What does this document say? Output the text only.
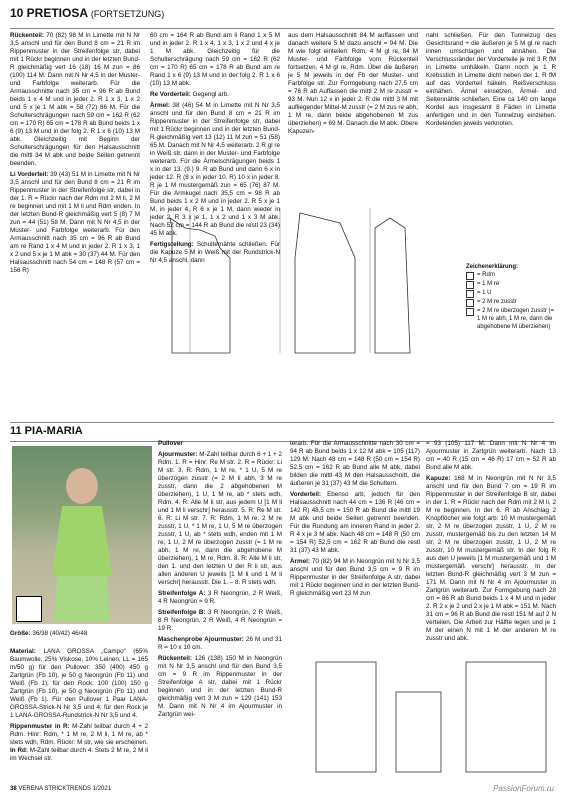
10 PRETIOSA (FORTSETZUNG)

Rückenteil: 70 (82) 98 M in Limette mit N Nr 3,5 anschl und für den Bund 8 cm = 21 R im Rippenmuster in der Streifenfolge str, dabei mit 1 Rückr beginnen und in der letzten Bund-R gleichmäßig vert 16 (18) 16 M zun = 86 (100) 114 M. Dann mit N Nr 4,5 in der Muster- und Farbfolge weiterarb. Für die Armausschnitte nach 35 cm = 96 R ab Bund beids 1 x 4 M und in jeder 2. R 1 x 3, 1 x 2 und 5 x je 1 M abk = 58 (72) 86 M. Für die Schulterschrägungen nach 59 cm = 162 R (62 cm = 170 R) 65 cm = 178 R ab Bund beids 1 x 6 (9) 13 M und in der folg 2. R 1 x 6 (10) 13 M abk. Gleichzeitig mit Beginn der Schulterschrägungen für den Halsausschnitt die mittl 34 M abk und beide Seiten getrennt beenden.

Li Vorderteil: 39 (43) 51 M in Limette mit N Nr 3,5 anschl und für den Bund 8 cm = 21 R im Rippenmuster in der Streifenfolge str, dabei in der 1. R = Rückr nach der Rdm mit 2 M li, 2 M re beginnen und mit 1 M li und Rdm enden. In der letzten Bund-R gleichmäßig vert 5 (8) 7 M zun = 44 (51) 58 M. Dann mit N Nr 4,5 in der Muster- und Farbfolge weiterarb. Für den Armausschnitt nach 35 cm = 96 R ab Bund am re Rand 1 x 4 M und in jeder 2. R 1 x 3, 1 x 2 und 5 x je 1 M abk = 30 (37) 44 M. Für den Halsausschnitt nach 54 cm = 148 R (57 cm = 156 R)

60 cm = 164 R ab Bund am li Rand 1 x 5 M und in jeder 2. R 1 x 4, 1 x 3, 1 x 2 und 4 x je 1 M abk. Gleichzeitig für die Schulterschrägung nach 59 cm = 162 R (62 cm = 170 R) 65 cm = 178 R ab Bund am re Rand 1 x 6 (9) 13 M und in der folg 2. R 1 x 6 (10) 13 M abk.

Re Vorderteil: Gegengl arb.

Ärmel: 38 (46) 54 M in Limette mit N Nr 3,5 anschl und für den Bund 8 cm = 21 R im Rippenmuster in der Streifenfolge str, dabei mit 1 Rückr beginnen und in der letzten Bund-R gleichmäßig vert 13 (12) 11 M zun = 51 (58) 65 M. Danach mit N Nr 4,5 weiterarb. 2 R gl re in Weiß str, dann in der Muster- und Farbfolge weiterarb. Für die Ärmelschrägungen beids 1 x in der 13. (9.) 9. R ab Bund und dann 6 x in jeder 12. R (8 x in jeder 10. R) 10 x in jeder 8. R je 1 M mustergemäß zun = 65 (76) 87 M. Für die Armkugel nach 35,5 cm = 98 R ab Bund beids 1 x 2 M und in jeder 2. R 5 x je 1 M, in jeder 4. R 6 x je 1 M, dann wieder in jeder 2. R 3 x je 1, 1 x 2 und 1 x 3 M abk. Nach 52 cm = 144 R ab Bund die restl 23 (34) 45 M abk.

Fertigstellung: Schulternähte schließen. Für die Kapuze 5 M in Weiß mit der Rundstrick-N Nr 4,5 anschl, dann

aus dem Halsausschnitt 84 M auffassen und danach weitere 5 M dazu anschl = 94 M. Die M wie folgt einteilen: Rdm, 4 M gl re, 84 M Muster- und Farbfolge vom Rückenteil fortsetzen, 4 M gl re, Rdm. Über die äußeren je 5 M jeweils in der Fb der Muster- und Farbfolge str. Zur Formgebung nach 27,5 cm = 76 R ab Auffassen die mittl 2 M re zusstr = 93 M. Nun 12 x in jeder 2. R die mittl 3 M mit aufliegender Mittel-M zusstr (= 2 M zus re abh, 1 M re, dann beide abgehobenen M zus überziehen) = 69 M. Danach die M abk. Obere Kapuzen-

naht schließen. Für den Tunnelzug des Gesichtsrand + die äußeren je 5 M gl re nach innen umschlagen und annähen. Die Verschlussränder der Vorderteile je mit 3 R fM in Limette umhäkeln. Dann noch je 1 R Krebsstich in Limette dicht neben der 1. R fM auf das Vorderteil häkeln. Reißverschluss einnähen. Ärmel einsetzen, Ärmel- und Seitennähte schließen. Eine ca 140 cm lange Kordel aus insgesamt 8 Fäden in Limette anfertigen und in den Tunnelzug einziehen. Kordelenden jeweils verknoten.

Zeichenerklärung:
= Rdm
= 1 M re
= 1 U
= 2 M re zusstr
= 2 M re überzogen zusstr (= 1 M re abh, 1 M re, dann die abgehobene M überziehen)
11 PIA-MARIA

Größe: 36/38 (40/42) 46/48

Material: LANA GROSSA „Campo“ (65% Baumwolle, 25% Viskose, 10% Leinen, LL = 165 m/50 g) für den Pullover: 350 (400) 450 g Zartgrün (Fb 10), je 50 g Neongrün (Fb 11) und Weiß (Fb 1); für den Rock: 100 (100) 150 g Zartgrün (Fb 10), je 50 g Neongrün (Fb 11) und Weiß (Fb 1). Für den Pullover 1 Paar LANA-GROSSA-Strick-N Nr 3,5 und 4; für den Rock je 1 LANA-GROSSA-Rundstrick-N Nr 3,5 und 4.

Rippenmuster in R: M-Zahl teilbar durch 4 + 2 Rdm. Hinr: Rdm, * 1 M re, 2 M li, 1 M re, ab * stets wdh, Rdm. Rückr: M str, wie sie erscheinen. In Rd: M-Zahl teilbar durch 4. Stets 2 M re, 2 M li im Wechsel str.

Pullover

Ajourmuster: M-Zahl teilbar durch 6 + 1 + 2 Rdm. 1. R = Hinr: Re M str. 2. R = Rückr: Li M str. 3. R: Rdm, 1 M re, * 1 U, 5 M re überzogen zusstr (= 2 M li abh, 3 M re zusstr, dann die 2 abgehobenen M überziehen), 1 U, 1 M re, ab * stets wdh, Rdm. 4. R: Alle M li str, aus jedem U [1 M li und 1 M li verschr] herausstr. 5. R: Re M str. 6. R: Li M str. 7. R: Rdm, 1 M re, 2 M re zusstr, 1 U, * 1 M re, 1 U, 5 M re überzogen zusstr, 1 U, ab * stets wdh, enden mit 1 M re, 1 U, 2 M re überzogen zusstr (= 1 M re abh, 1 M re, dann die abgehobene M überziehen), 1 M re, Rdm. 8. R: Alle M li str, den 1. und den letzten U der R li str, aus allen anderen U jeweils [1 M li und 1 M li verschr] herausstr. Die 1. – 8. R stets wdh.

Streifenfolge A: 3 R Neongrün, 2 R Weiß, 4 R Neongrün = 9 R.

Streifenfolge B: 3 R Neongrün, 2 R Weiß, 8 R Neongrün, 2 R Weiß, 4 R Neongrün = 19 R.

Maschenprobe Ajourmuster: 26 M und 31 R = 10 x 10 cm.

Rückenteil: 126 (138) 150 M in Neongrün mit N Nr 3,5 anschl und für den Bund 3,5 cm = 9 R im Rippenmuster in der Streifenfolge A str, dabei mit 1 Rückr beginnen und in der letzten Bund-R gleichmäßig vert 3 M zun = 129 (141) 153 M. Dann mit N Nr 4 im Ajourmuster in Zartgrün wei-

terarb. Für die Armausschnitte nach 30 cm = 94 R ab Bund beids 1 x 12 M abk = 105 (117) 129 M. Nach 48 cm = 148 R (50 cm = 154 R) 52,5 cm = 162 R ab Bund alle M abk, dabei bilden die mittl 43 M den Halsausschnitt, die äußeren je 31 (37) 43 M die Schultern.

Vorderteil: Ebenso arb, jedoch für den Halsausschnitt nach 44 cm = 136 R (46 cm = 142 R) 48,5 cm = 150 R ab Bund die mittl 19 M abk und beide Seiten getrennt beenden. Für die Rundung am inneren Rand in jeder 2. R 4 x je 3 M abk. Nach 48 cm = 148 R (50 cm = 154 R) 52,5 cm = 162 R ab Bund die restl 31 (37) 43 M abk.

Ärmel: 70 (82) 94 M in Neongrün mit N Nr 3,5 anschl und für den Bund 3,5 cm = 9 R im Rippenmuster in der Streifenfolge A str, dabei mit 1 Rückr beginnen und in der letzten Bund-R gleichmäßig vert 23 M zun

= 93 (105) 117 M. Dann mit N Nr 4 im Ajourmuster in Zartgrün weiterarb. Nach 13 cm = 40 R (15 cm = 46 R) 17 cm = 52 R ab Bund alle M abk.

Kapuze: 168 M in Neongrün mit N Nr 3,5 anschl und für den Bund 7 cm = 19 R im Rippenmuster in der Streifenfolge B str, dabei in der 1. R = Rückr nach der Rdm mit 2 M li, 2 M re beginnen. In der 6. R ab Anschlag 2 Knopflöcher wie folgt arb: 10 M mustergemäß str, 2 M re überzogen zusstr, 1 U, 2 M re zusstr, mustergemäß bis zu den letzten 14 M str, 2 M re überzogen zusstr, 1 U, 2 M re zusstr, 10 M mustergemäß str. In der folg R aus den U jeweils [1 M mustergemäß und 1 M mustergemäß verschr] herausstr. In der letzten Bund-R gleichmäßig vert 3 M zun = 171 M. Dann mit N Nr 4 im Ajourmuster in Zartgrün weiterarb. Zur Formgebung nach 28 cm = 86 R ab Bund beids 1 x 4 M und in jeder 2. R 2 x je 2 und 2 x je 1 M abk = 151 M. Nach 31 cm = 96 R ab Bund die restl 151 M auf 2 N verteilen. Die Arbeit zur Hälfte legen und je 1 M der einen N mit 1 M der anderen M re zusstr und abk.

38 VERENA STRICKTRENDS 1/2021	PassionForum.ru
